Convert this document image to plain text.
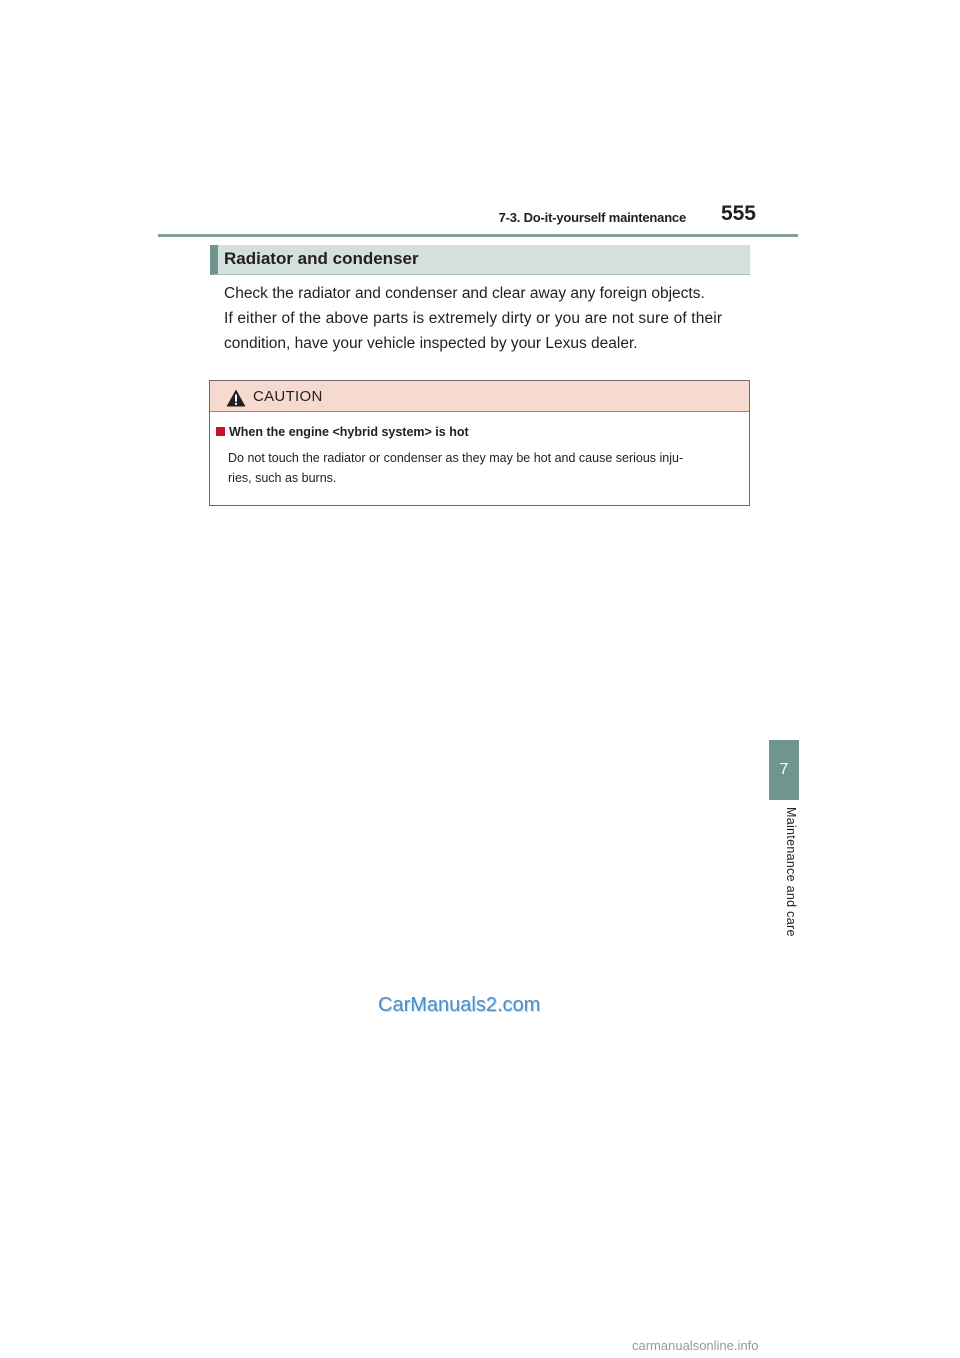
7-3. Do-it-yourself maintenance 555
Radiator and condenser
Check the radiator and condenser and clear away any foreign objects.
If either of the above parts is extremely dirty or you are not sure of their
condition, have your vehicle inspected by your Lexus dealer.
CAUTION
When the engine <hybrid system> is hot
Do not touch the radiator or condenser as they may be hot and cause serious inju-
ries, such as burns.
7
Maintenance and care
CarManuals2.com
carmanualsonline.info
